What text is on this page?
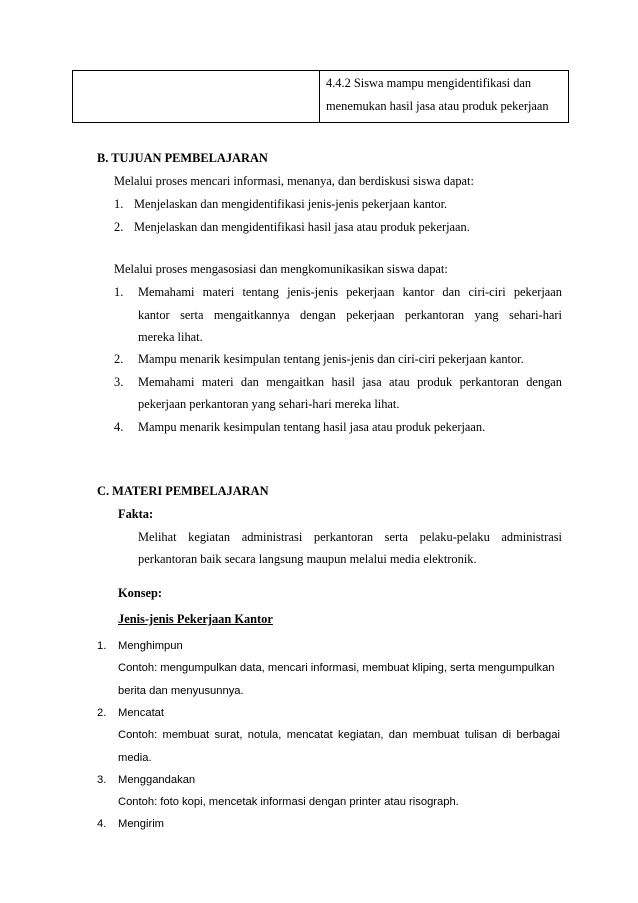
4.4.2 Siswa mampu mengidentifikasi dan
menemukan hasil jasa atau produk pekerjaan
B. TUJUAN PEMBELAJARAN
Melalui proses mencari informasi, menanya, dan berdiskusi siswa dapat:
1. Menjelaskan dan mengidentifikasi jenis-jenis pekerjaan kantor.
2. Menjelaskan dan mengidentifikasi hasil jasa atau produk pekerjaan.
Melalui proses mengasosiasi dan mengkomunikasikan siswa dapat:
1. Memahami materi tentang jenis-jenis pekerjaan kantor dan ciri-ciri pekerjaan
kantor serta mengaitkannya dengan pekerjaan perkantoran yang sehari-hari
mereka lihat.
2. Mampu menarik kesimpulan tentang jenis-jenis dan ciri-ciri pekerjaan kantor.
3. Memahami materi dan mengaitkan hasil jasa atau produk perkantoran dengan
pekerjaan perkantoran yang sehari-hari mereka lihat.
4. Mampu menarik kesimpulan tentang hasil jasa atau produk pekerjaan.
C. MATERI PEMBELAJARAN
Fakta:
Melihat kegiatan administrasi perkantoran serta pelaku-pelaku administrasi
perkantoran baik secara langsung maupun melalui media elektronik.
Konsep:
Jenis-jenis Pekerjaan Kantor
1. Menghimpun
Contoh: mengumpulkan data, mencari informasi, membuat kliping, serta mengumpulkan
berita dan menyusunnya.
2. Mencatat
Contoh: membuat surat, notula, mencatat kegiatan, dan membuat tulisan di berbagai
media.
3. Menggandakan
Contoh: foto kopi, mencetak informasi dengan printer atau risograph.
4. Mengirim
